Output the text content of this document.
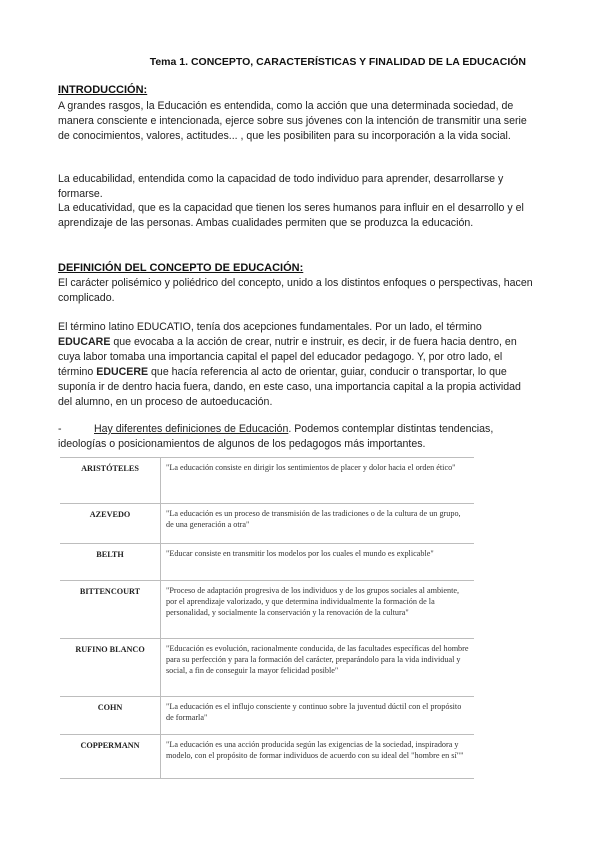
Tema 1. CONCEPTO, CARACTERÍSTICAS Y FINALIDAD DE LA EDUCACIÓN
INTRODUCCIÓN:
A grandes rasgos, la Educación es entendida, como la acción que una determinada sociedad, de manera consciente e intencionada, ejerce sobre sus jóvenes con la intención de transmitir una serie de conocimientos, valores, actitudes... , que les posibiliten para su incorporación a la vida social.
La educabilidad, entendida como la capacidad de todo individuo para aprender, desarrollarse y formarse.
La educatividad, que es la capacidad que tienen los seres humanos para influir en el desarrollo y el aprendizaje de las personas. Ambas cualidades permiten que se produzca la educación.
DEFINICIÓN DEL CONCEPTO DE EDUCACIÓN:
El carácter polisémico y poliédrico del concepto, unido a los distintos enfoques o perspectivas, hacen complicado.
El término latino EDUCATIO, tenía dos acepciones fundamentales. Por un lado, el término EDUCARE que evocaba a la acción de crear, nutrir e instruir, es decir, ir de fuera hacia dentro, en cuya labor tomaba una importancia capital el papel del educador pedagogo. Y, por otro lado, el término EDUCERE que hacía referencia al acto de orientar, guiar, conducir o transportar, lo que suponía ir de dentro hacia fuera, dando, en este caso, una importancia capital a la propia actividad del alumno, en un proceso de autoeducación.
-	Hay diferentes definiciones de Educación. Podemos contemplar distintas tendencias, ideologías o posicionamientos de algunos de los pedagogos más importantes.
ARISTÓTELES	"La educación consiste en dirigir los sentimientos de placer y dolor hacia el orden ético"
AZEVEDO	"La educación es un proceso de transmisión de las tradiciones o de la cultura de un grupo, de una generación a otra"
BELTH	"Educar consiste en transmitir los modelos por los cuales el mundo es explicable"
BITTENCOURT	"Proceso de adaptación progresiva de los individuos y de los grupos sociales al ambiente, por el aprendizaje valorizado, y que determina individualmente la formación de la personalidad, y socialmente la conservación y la renovación de la cultura"
RUFINO BLANCO	"Educación es evolución, racionalmente conducida, de las facultades específicas del hombre para su perfección y para la formación del carácter, preparándolo para la vida individual y social, a fin de conseguir la mayor felicidad posible"
COHN	"La educación es el influjo consciente y continuo sobre la juventud dúctil con el propósito de formarla"
COPPERMANN	"La educación es una acción producida según las exigencias de la sociedad, inspiradora y modelo, con el propósito de formar individuos de acuerdo con su ideal del "hombre en sí""
